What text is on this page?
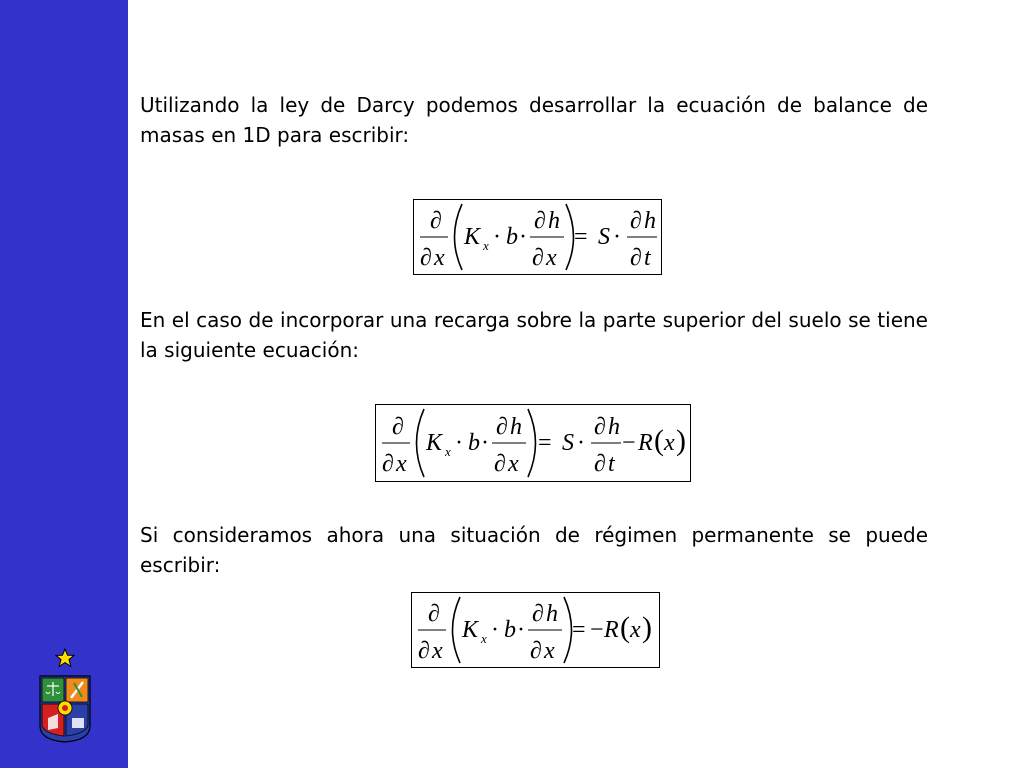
Utilizando la ley de Darcy podemos desarrollar la ecuación de balance de masas en 1D para escribir:
∂
∂ x
K x · b ·
∂ h
∂ x
= S ·
∂ h
∂ t
En el caso de incorporar una recarga sobre la parte superior del suelo se tiene la siguiente ecuación:
∂
∂ x
K x · b ·
∂ h
∂ x
= S ·
∂ h
∂ t
− R ( x )
Si consideramos ahora una situación de régimen permanente se puede escribir:
∂
∂ x
K x · b ·
∂ h
∂ x
= − R ( x )
